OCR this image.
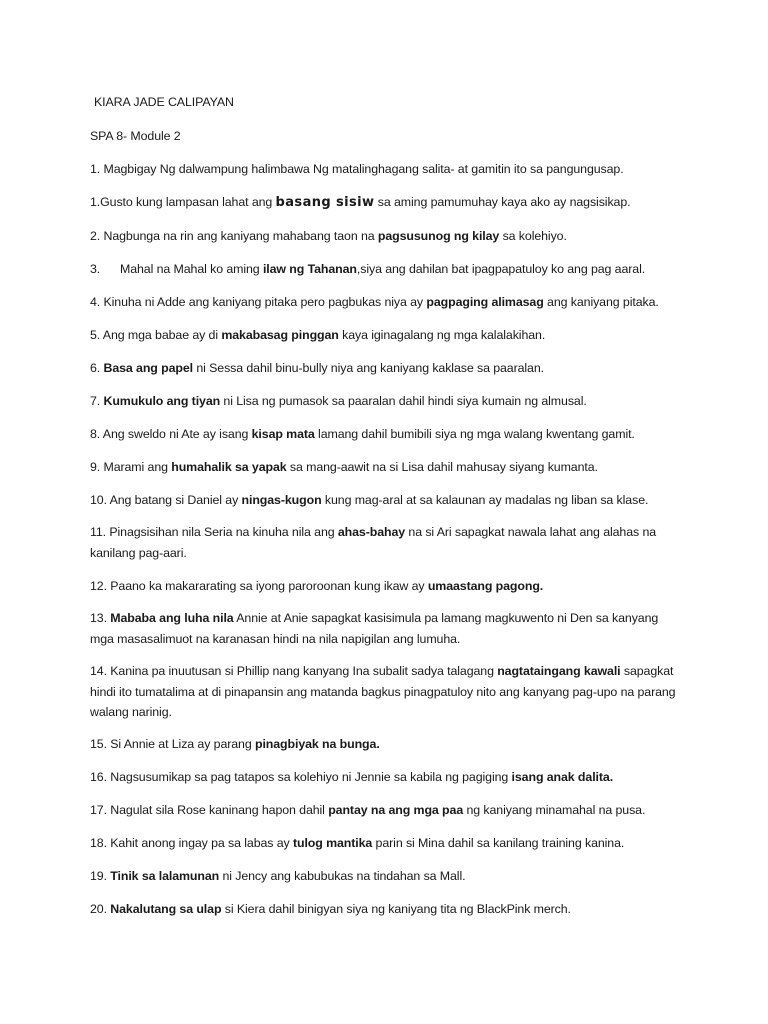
KIARA JADE CALIPAYAN
SPA 8- Module 2
1. Magbigay Ng dalwampung halimbawa Ng matalinghagang salita- at gamitin ito sa pangungusap.
1.Gusto kung lampasan lahat ang basang sisiw sa aming pamumuhay kaya ako ay nagsisikap.
2. Nagbunga na rin ang kaniyang mahabang taon na pagsusunog ng kilay sa kolehiyo.
3. Mahal na Mahal ko aming ilaw ng Tahanan,siya ang dahilan bat ipagpapatuloy ko ang pag aaral.
4. Kinuha ni Adde ang kaniyang pitaka pero pagbukas niya ay pagpaging alimasag ang kaniyang pitaka.
5. Ang mga babae ay di makabasag pinggan kaya iginagalang ng mga kalalakihan.
6. Basa ang papel ni Sessa dahil binu-bully niya ang kaniyang kaklase sa paaralan.
7. Kumukulo ang tiyan ni Lisa ng pumasok sa paaralan dahil hindi siya kumain ng almusal.
8. Ang sweldo ni Ate ay isang kisap mata lamang dahil bumibili siya ng mga walang kwentang gamit.
9. Marami ang humahalik sa yapak sa mang-aawit na si Lisa dahil mahusay siyang kumanta.
10. Ang batang si Daniel ay ningas-kugon kung mag-aral at sa kalaunan ay madalas ng liban sa klase.
11. Pinagsisihan nila Seria na kinuha nila ang ahas-bahay na si Ari sapagkat nawala lahat ang alahas na kanilang pag-aari.
12. Paano ka makararating sa iyong paroroonan kung ikaw ay umaastang pagong.
13. Mababa ang luha nila Annie at Anie sapagkat kasisimula pa lamang magkuwento ni Den sa kanyang mga masasalimuot na karanasan hindi na nila napigilan ang lumuha.
14. Kanina pa inuutusan si Phillip nang kanyang Ina subalit sadya talagang nagtataingang kawali sapagkat hindi ito tumatalima at di pinapansin ang matanda bagkus pinagpatuloy nito ang kanyang pag-upo na parang walang narinig.
15. Si Annie at Liza ay parang pinagbiyak na bunga.
16. Nagsusumikap sa pag tatapos sa kolehiyo ni Jennie sa kabila ng pagiging isang anak dalita.
17. Nagulat sila Rose kaninang hapon dahil pantay na ang mga paa ng kaniyang minamahal na pusa.
18. Kahit anong ingay pa sa labas ay tulog mantika parin si Mina dahil sa kanilang training kanina.
19. Tinik sa lalamunan ni Jency ang kabubukas na tindahan sa Mall.
20. Nakalutang sa ulap si Kiera dahil binigyan siya ng kaniyang tita ng BlackPink merch.
